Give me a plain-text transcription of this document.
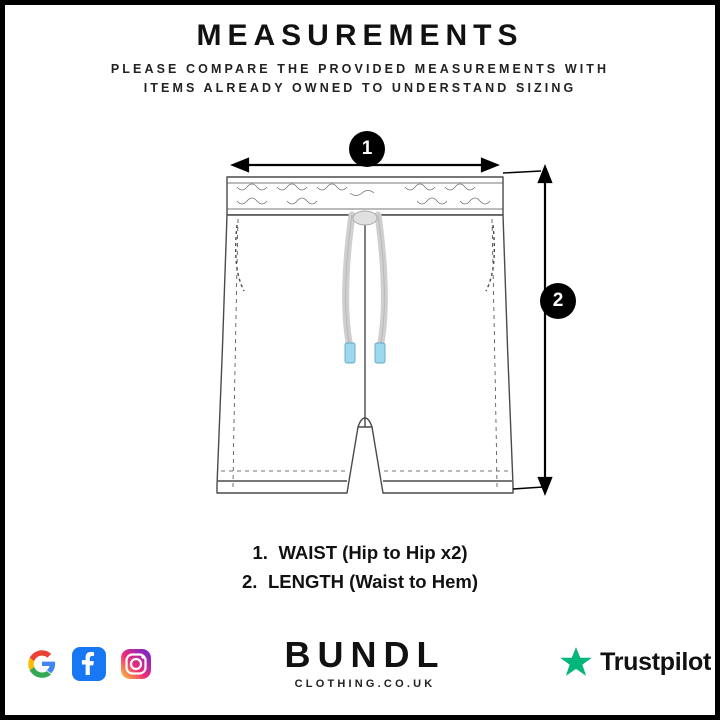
MEASUREMENTS
PLEASE COMPARE THE PROVIDED MEASUREMENTS WITH
ITEMS ALREADY OWNED TO UNDERSTAND SIZING
1
2
1. WAIST (Hip to Hip x2)
2. LENGTH (Waist to Hem)
BUNDL
CLOTHING.CO.UK
Trustpilot
